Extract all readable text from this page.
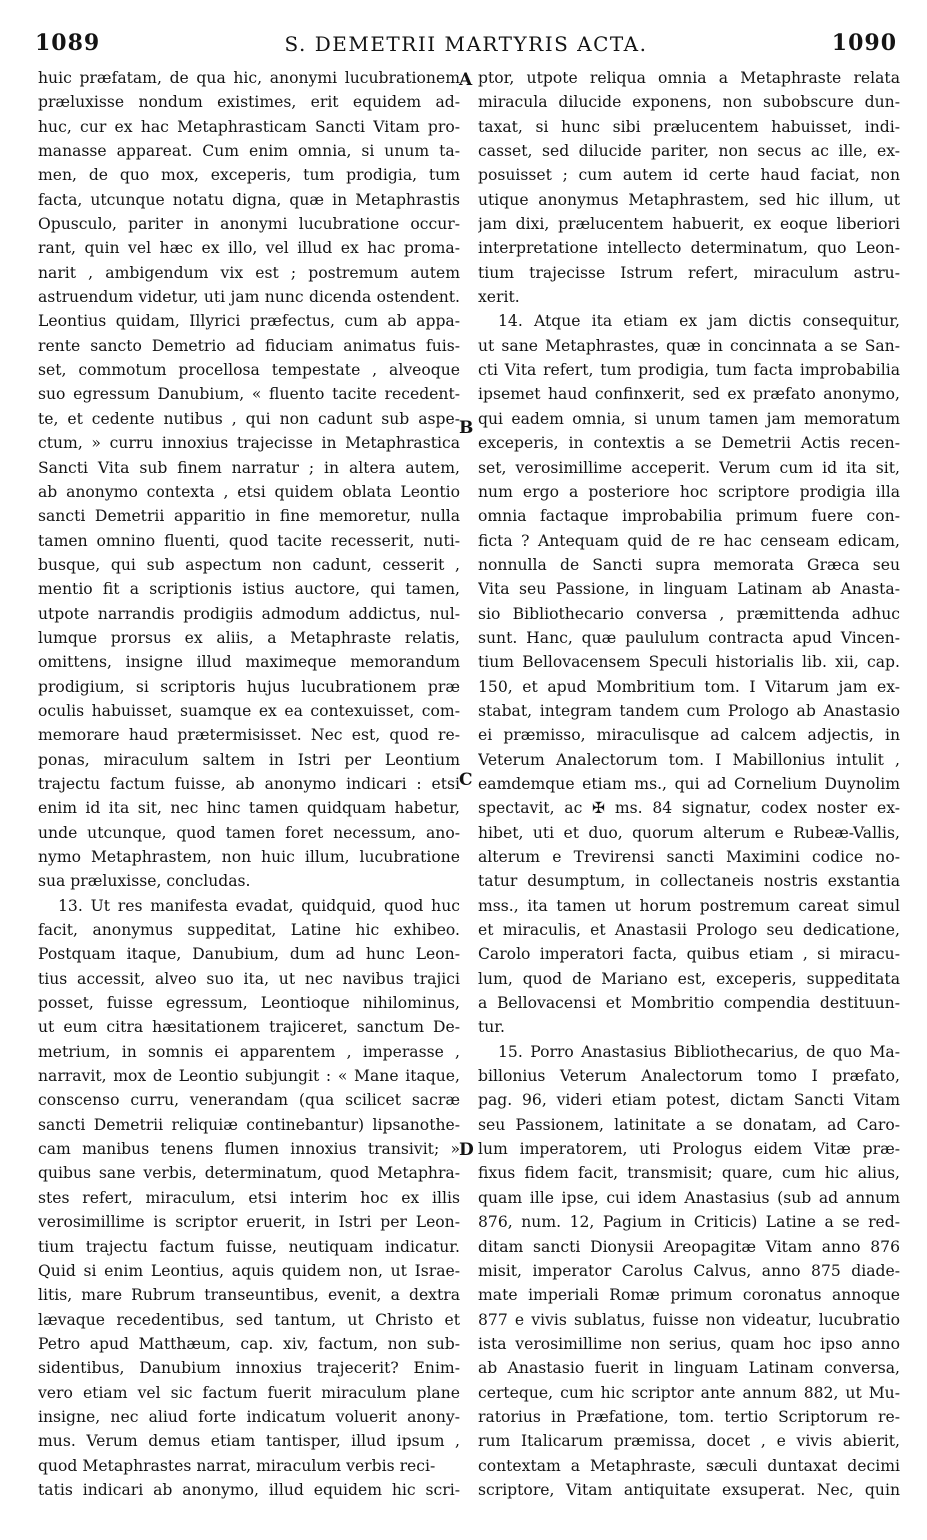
1089	S. DEMETRII MARTYRIS ACTA.	1090
A
B
C
D
huic præfatam, de qua hic, anonymi lucubrationem
præluxisse nondum existimes, erit equidem ad-
huc, cur ex hac Metaphrasticam Sancti Vitam pro-
manasse appareat. Cum enim omnia, si unum ta-
men, de quo mox, exceperis, tum prodigia, tum
facta, utcunque notatu digna, quæ in Metaphrastis
Opusculo, pariter in anonymi lucubratione occur-
rant, quin vel hæc ex illo, vel illud ex hac proma-
narit , ambigendum vix est ; postremum autem
astruendum videtur, uti jam nunc dicenda ostendent.
Leontius quidam, Illyrici præfectus, cum ab appa-
rente sancto Demetrio ad fiduciam animatus fuis-
set, commotum procellosa tempestate , alveoque
suo egressum Danubium, « fluento tacite recedent-
te, et cedente nutibus , qui non cadunt sub aspe-
ctum, » curru innoxius trajecisse in Metaphrastica
Sancti Vita sub finem narratur ; in altera autem,
ab anonymo contexta , etsi quidem oblata Leontio
sancti Demetrii apparitio in fine memoretur, nulla
tamen omnino fluenti, quod tacite recesserit, nuti-
busque, qui sub aspectum non cadunt, cesserit ,
mentio fit a scriptionis istius auctore, qui tamen,
utpote narrandis prodigiis admodum addictus, nul-
lumque prorsus ex aliis, a Metaphraste relatis,
omittens, insigne illud maximeque memorandum
prodigium, si scriptoris hujus lucubrationem præ
oculis habuisset, suamque ex ea contexuisset, com-
memorare haud prætermisisset. Nec est, quod re-
ponas, miraculum saltem in Istri per Leontium
trajectu factum fuisse, ab anonymo indicari : etsi
enim id ita sit, nec hinc tamen quidquam habetur,
unde utcunque, quod tamen foret necessum, ano-
nymo Metaphrastem, non huic illum, lucubratione
sua præluxisse, concludas.
13. Ut res manifesta evadat, quidquid, quod huc
facit, anonymus suppeditat, Latine hic exhibeo.
Postquam itaque, Danubium, dum ad hunc Leon-
tius accessit, alveo suo ita, ut nec navibus trajici
posset, fuisse egressum, Leontioque nihilominus,
ut eum citra hæsitationem trajiceret, sanctum De-
metrium, in somnis ei apparentem , imperasse ,
narravit, mox de Leontio subjungit : « Mane itaque,
conscenso curru, venerandam (qua scilicet sacræ
sancti Demetrii reliquiæ continebantur) lipsanothe-
cam manibus tenens flumen innoxius transivit; »
quibus sane verbis, determinatum, quod Metaphra-
stes refert, miraculum, etsi interim hoc ex illis
verosimillime is scriptor eruerit, in Istri per Leon-
tium trajectu factum fuisse, neutiquam indicatur.
Quid si enim Leontius, aquis quidem non, ut Israe-
litis, mare Rubrum transeuntibus, evenit, a dextra
lævaque recedentibus, sed tantum, ut Christo et
Petro apud Matthæum, cap. xiv, factum, non sub-
sidentibus, Danubium innoxius trajecerit? Enim-
vero etiam vel sic factum fuerit miraculum plane
insigne, nec aliud forte indicatum voluerit anony-
mus. Verum demus etiam tantisper, illud ipsum ,
quod Metaphrastes narrat, miraculum verbis reci-
tatis indicari ab anonymo, illud equidem hic scri-
ptor, utpote reliqua omnia a Metaphraste relata
miracula dilucide exponens, non subobscure dun-
taxat, si hunc sibi prælucentem habuisset, indi-
casset, sed dilucide pariter, non secus ac ille, ex-
posuisset ; cum autem id certe haud faciat, non
utique anonymus Metaphrastem, sed hic illum, ut
jam dixi, prælucentem habuerit, ex eoque liberiori
interpretatione intellecto determinatum, quo Leon-
tium trajecisse Istrum refert, miraculum astru-
xerit.
14. Atque ita etiam ex jam dictis consequitur,
ut sane Metaphrastes, quæ in concinnata a se San-
cti Vita refert, tum prodigia, tum facta improbabilia
ipsemet haud confinxerit, sed ex præfato anonymo,
qui eadem omnia, si unum tamen jam memoratum
exceperis, in contextis a se Demetrii Actis recen-
set, verosimillime acceperit. Verum cum id ita sit,
num ergo a posteriore hoc scriptore prodigia illa
omnia factaque improbabilia primum fuere con-
ficta ? Antequam quid de re hac censeam edicam,
nonnulla de Sancti supra memorata Græca seu
Vita seu Passione, in linguam Latinam ab Anasta-
sio Bibliothecario conversa , præmittenda adhuc
sunt. Hanc, quæ paululum contracta apud Vincen-
tium Bellovacensem Speculi historialis lib. xii, cap.
150, et apud Mombritium tom. I Vitarum jam ex-
stabat, integram tandem cum Prologo ab Anastasio
ei præmisso, miraculisque ad calcem adjectis, in
Veterum Analectorum tom. I Mabillonius intulit ,
eamdemque etiam ms., qui ad Cornelium Duynolim
spectavit, ac ✠ ms. 84 signatur, codex noster ex-
hibet, uti et duo, quorum alterum e Rubeæ-Vallis,
alterum e Trevirensi sancti Maximini codice no-
tatur desumptum, in collectaneis nostris exstantia
mss., ita tamen ut horum postremum careat simul
et miraculis, et Anastasii Prologo seu dedicatione,
Carolo imperatori facta, quibus etiam , si miracu-
lum, quod de Mariano est, exceperis, suppeditata
a Bellovacensi et Mombritio compendia destituun-
tur.
15. Porro Anastasius Bibliothecarius, de quo Ma-
billonius Veterum Analectorum tomo I præfato,
pag. 96, videri etiam potest, dictam Sancti Vitam
seu Passionem, latinitate a se donatam, ad Caro-
lum imperatorem, uti Prologus eidem Vitæ præ-
fixus fidem facit, transmisit; quare, cum hic alius,
quam ille ipse, cui idem Anastasius (sub ad annum
876, num. 12, Pagium in Criticis) Latine a se red-
ditam sancti Dionysii Areopagitæ Vitam anno 876
misit, imperator Carolus Calvus, anno 875 diade-
mate imperiali Romæ primum coronatus annoque
877 e vivis sublatus, fuisse non videatur, lucubratio
ista verosimillime non serius, quam hoc ipso anno
ab Anastasio fuerit in linguam Latinam conversa,
certeque, cum hic scriptor ante annum 882, ut Mu-
ratorius in Præfatione, tom. tertio Scriptorum re-
rum Italicarum præmissa, docet , e vivis abierit,
contextam a Metaphraste, sæculi duntaxat decimi
scriptore, Vitam antiquitate exsuperat. Nec, quin
